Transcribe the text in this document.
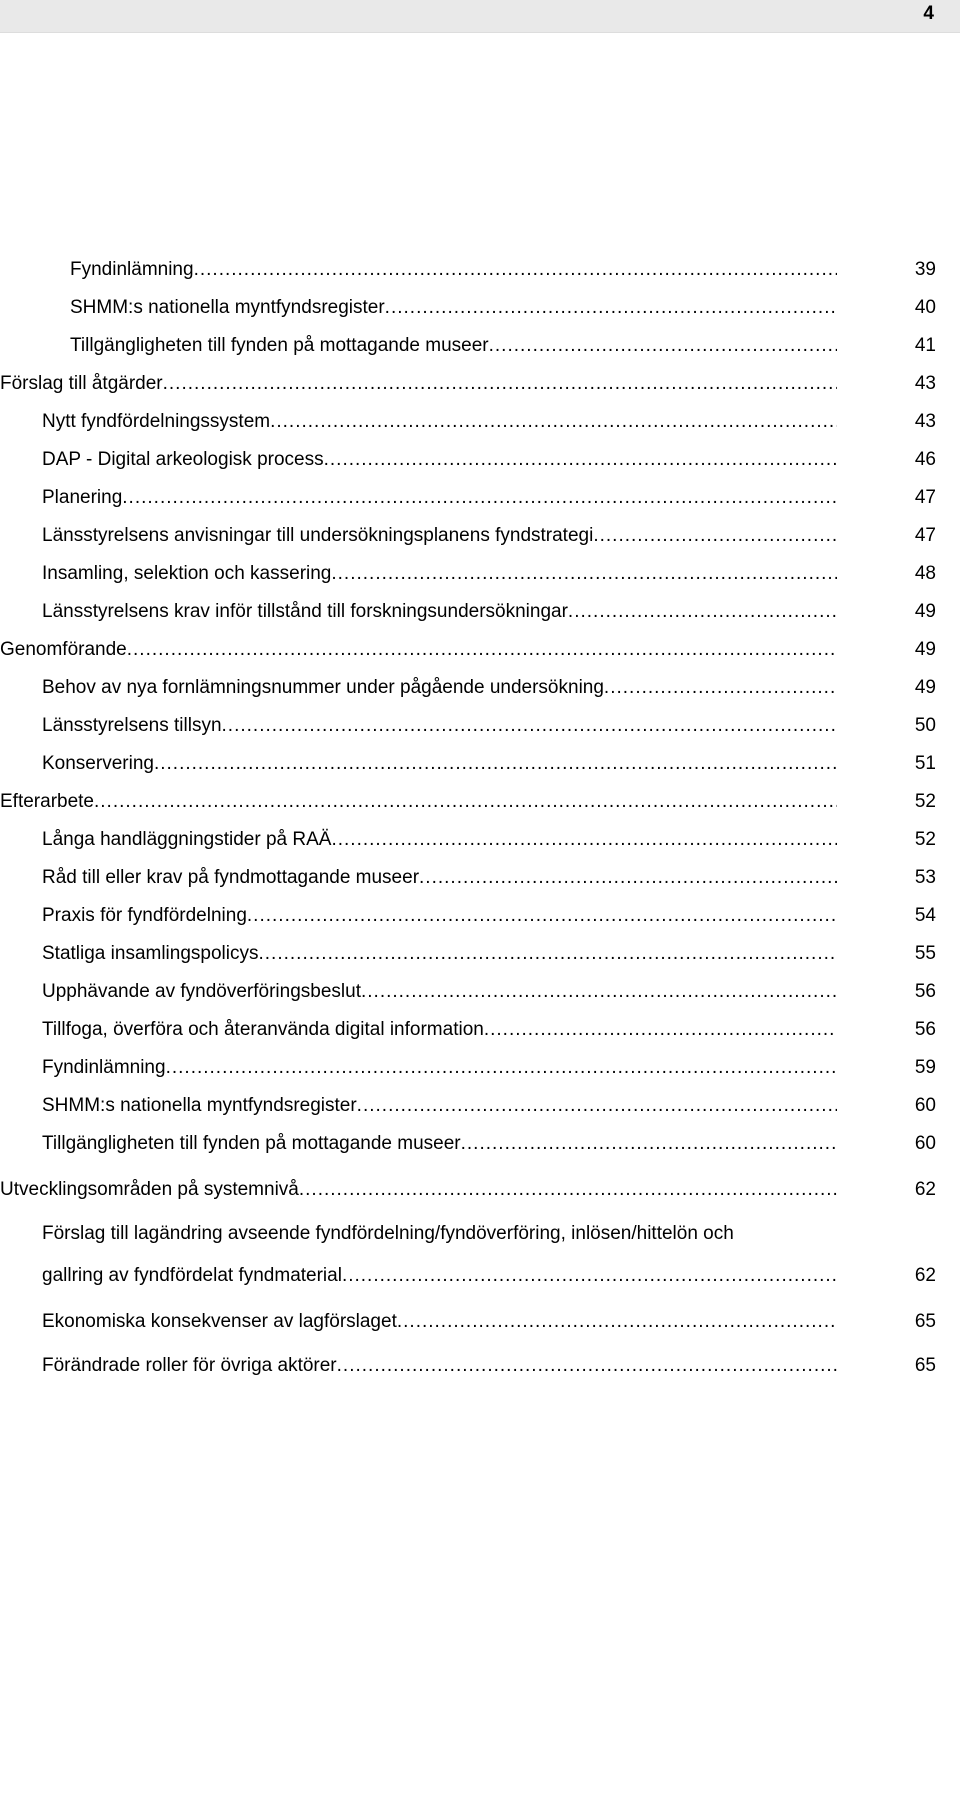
4
Fyndinlämning .....	39
SHMM:s nationella myntfyndsregister .....	40
Tillgängligheten till fynden på mottagande museer .....	41
Förslag till åtgärder .....	43
Nytt fyndfördelningssystem .....	43
DAP - Digital arkeologisk process .....	46
Planering .....	47
Länsstyrelsens anvisningar till undersökningsplanens fyndstrategi .....	47
Insamling, selektion och kassering .....	48
Länsstyrelsens krav inför tillstånd till forskningsundersökningar .....	49
Genomförande .....	49
Behov av nya fornlämningsnummer under pågående undersökning .....	49
Länsstyrelsens tillsyn .....	50
Konservering .....	51
Efterarbete .....	52
Långa handläggningstider på RAÄ .....	52
Råd till eller krav på fyndmottagande museer .....	53
Praxis för fyndfördelning .....	54
Statliga insamlingspolicys .....	55
Upphävande av fyndöverföringsbeslut .....	56
Tillfoga, överföra och återanvända digital information .....	56
Fyndinlämning .....	59
SHMM:s nationella myntfyndsregister .....	60
Tillgängligheten till fynden på mottagande museer .....	60
Utvecklingsområden på systemnivå .....	62
Förslag till lagändring avseende fyndfördelning/fyndöverföring, inlösen/hittelön och
gallring av fyndfördelat fyndmaterial .....	62
Ekonomiska konsekvenser av lagförslaget .....	65
Förändrade roller för övriga aktörer .....	65
